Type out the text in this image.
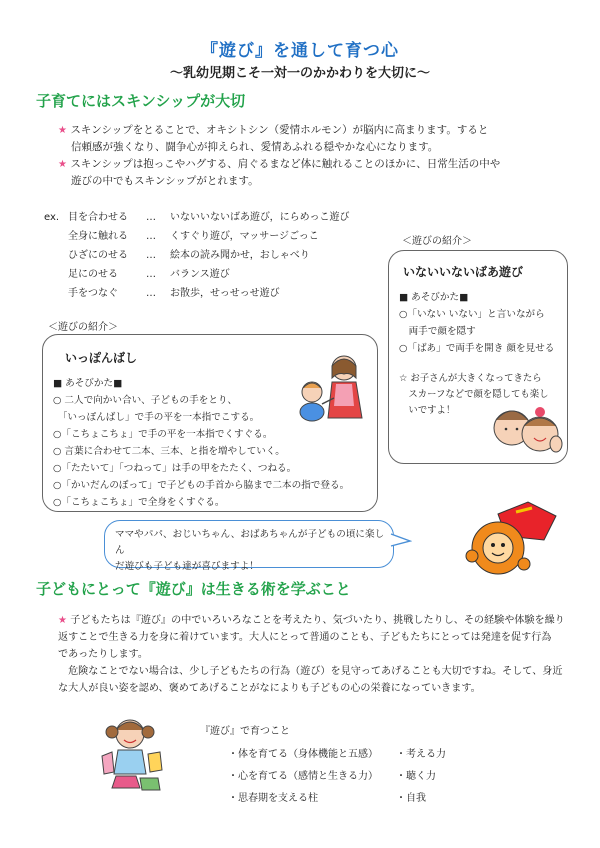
『遊び』を通して育つ心
～乳幼児期こそ一対一のかかわりを大切に～
子育てにはスキンシップが大切
★ スキンシップをとることで、オキシトシン（愛情ホルモン）が脳内に高まります。すると
信頼感が強くなり、闘争心が抑えられ、愛情あふれる穏やかな心になります。
★ スキンシップは抱っこやハグする、肩ぐるまなど体に触れることのほかに、日常生活の中や
遊びの中でもスキンシップがとれます。
ex. 目を合わせる … いないいないばあ遊び，にらめっこ遊び
全身に触れる … くすぐり遊び，マッサージごっこ
ひざにのせる … 絵本の読み聞かせ，おしゃべり
足にのせる	… バランス遊び
手をつなぐ	… お散歩，せっせっせ遊び
＜遊びの紹介＞
いないいないばあ遊び
■ あそびかた■
○「いない いない」と言いながら
　両手で顔を隠す
○「ばあ」で両手を開き 顔を見せる
☆ お子さんが大きくなってきたら
　スカーフなどで顔を隠しても楽し
　いですよ！
＜遊びの紹介＞
いっぽんばし
■ あそびかた■
○ 二人で向かい合い、子どもの手をとり、
　「いっぽんばし」で手の平を一本指でこする。
○「こちょこちょ」で手の平を一本指でくすぐる。
○ 言葉に合わせて二本、三本、と指を増やしていく。
○「たたいて」「つねって」は手の甲をたたく、つねる。
○「かいだんのぼって」で子どもの手首から脇まで二本の指で登る。
○「こちょこちょ」で全身をくすぐる。
ママやパパ、おじいちゃん、おばあちゃんが子どもの頃に楽しん
だ遊びも子ども達が喜びますよ！
子どもにとって『遊び』は生きる術を学ぶこと
★ 子どもたちは『遊び』の中でいろいろなことを考えたり、気づいたり、挑戦したりし、その経験や体験を繰り
返すことで生きる力を身に着けています。大人にとって普通のことも、子どもたちにとっては発達を促す行為
であったりします。
　危険なことでない場合は、少し子どもたちの行為（遊び）を見守ってあげることも大切ですね。そして、身近
な大人が良い姿を認め、褒めてあげることがなによりも子どもの心の栄養になっていきます。
『遊び』で育つこと
・体を育てる（身体機能と五感）
・心を育てる（感情と生きる力）
・思春期を支える柱
・考える力
・聴く力
・自我
